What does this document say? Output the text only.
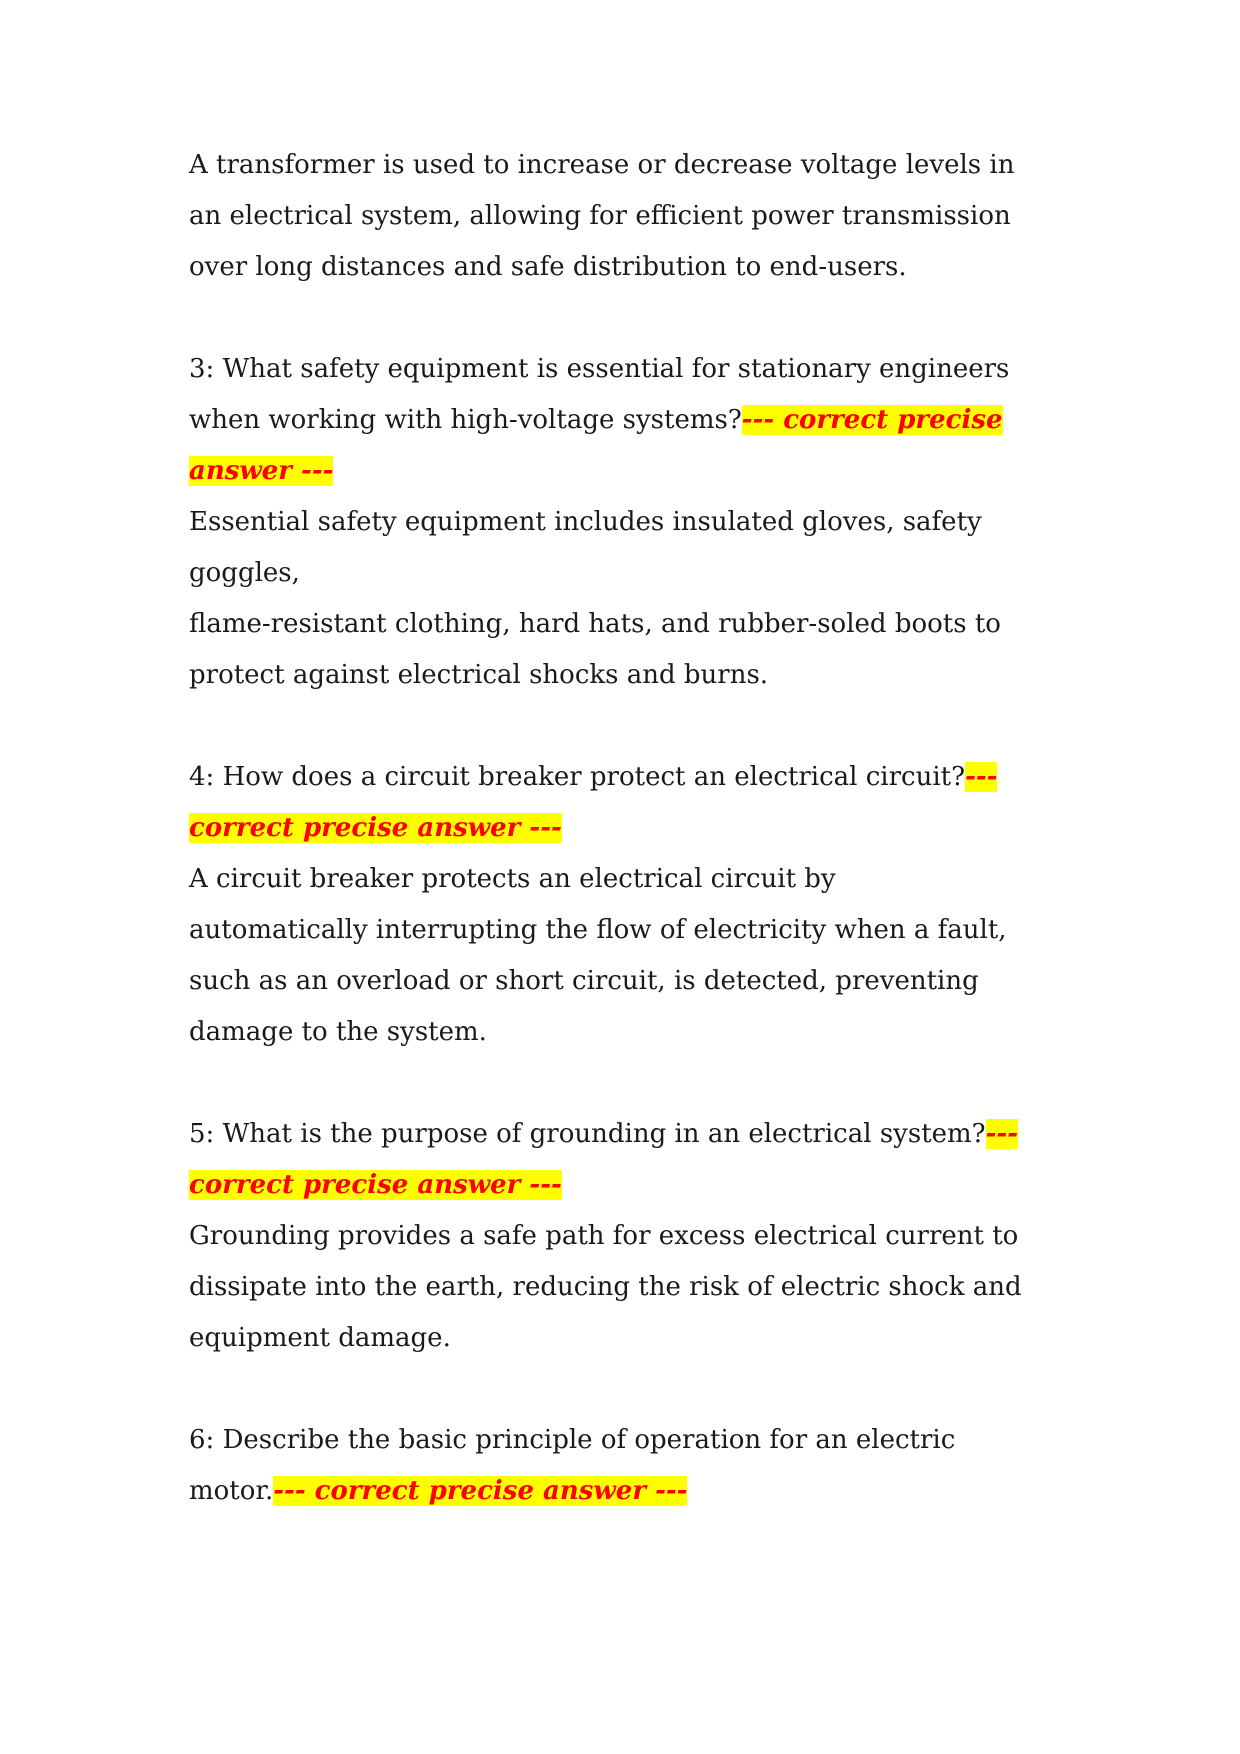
A transformer is used to increase or decrease voltage levels in
an electrical system, allowing for efficient power transmission
over long distances and safe distribution to end-users.
3: What safety equipment is essential for stationary engineers
when working with high-voltage systems?--- correct precise
answer ---
Essential safety equipment includes insulated gloves, safety
goggles,
flame-resistant clothing, hard hats, and rubber-soled boots to
protect against electrical shocks and burns.
4: How does a circuit breaker protect an electrical circuit?---
correct precise answer ---
A circuit breaker protects an electrical circuit by
automatically interrupting the flow of electricity when a fault,
such as an overload or short circuit, is detected, preventing
damage to the system.
5: What is the purpose of grounding in an electrical system?---
correct precise answer ---
Grounding provides a safe path for excess electrical current to
dissipate into the earth, reducing the risk of electric shock and
equipment damage.
6: Describe the basic principle of operation for an electric
motor.--- correct precise answer ---
